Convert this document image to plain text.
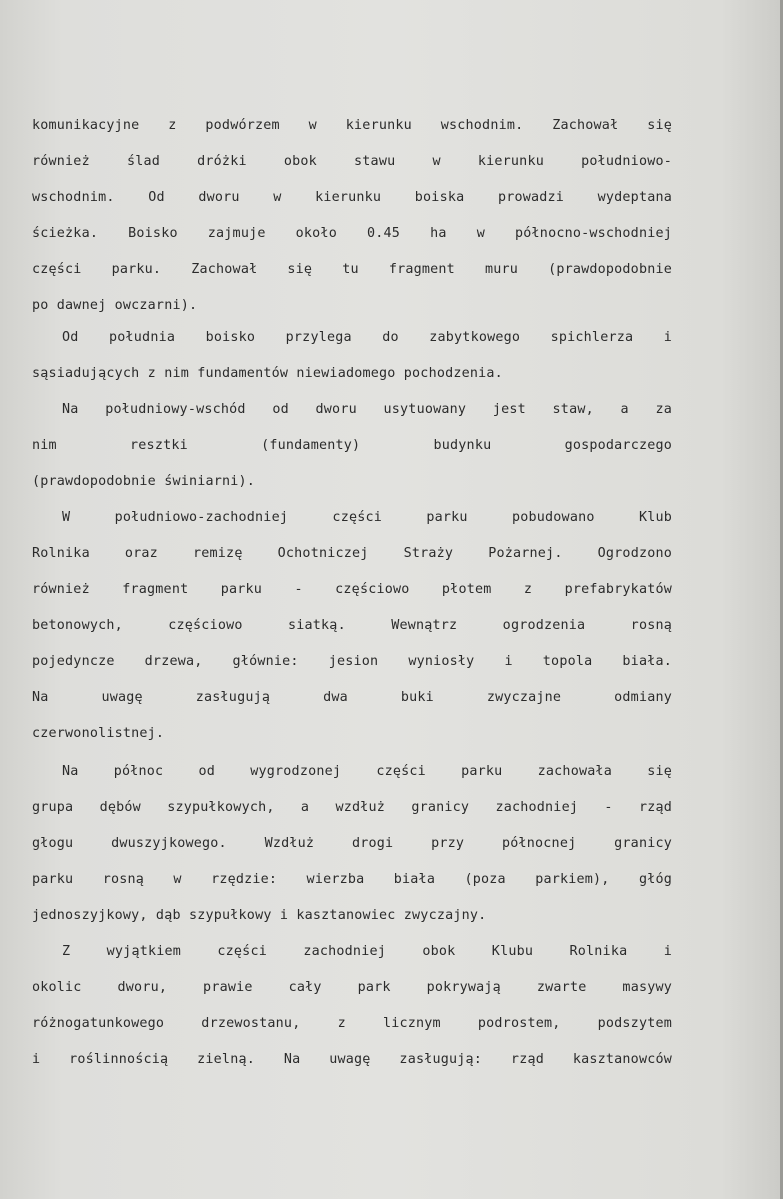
komunikacyjne z podwórzem w kierunku wschodnim. Zachował się
również ślad dróżki obok stawu w kierunku południowo-
wschodnim. Od dworu w kierunku boiska prowadzi wydeptana
ścieżka. Boisko zajmuje około 0.45 ha w północno-wschodniej
części parku. Zachował się tu fragment muru (prawdopodobnie
po dawnej owczarni).
Od południa boisko przylega do zabytkowego spichlerza i
sąsiadujących z nim fundamentów niewiadomego pochodzenia.
Na południowy-wschód od dworu usytuowany jest staw, a za
nim resztki (fundamenty) budynku gospodarczego
(prawdopodobnie świniarni).
W południowo-zachodniej części parku pobudowano Klub
Rolnika oraz remizę Ochotniczej Straży Pożarnej. Ogrodzono
również fragment parku - częściowo płotem z prefabrykatów
betonowych, częściowo siatką. Wewnątrz ogrodzenia rosną
pojedyncze drzewa, głównie: jesion wyniosły i topola biała.
Na uwagę zasługują dwa buki zwyczajne odmiany
czerwonolistnej.
Na północ od wygrodzonej części parku zachowała się
grupa dębów szypułkowych, a wzdłuż granicy zachodniej - rząd
głogu dwuszyjkowego. Wzdłuż drogi przy północnej granicy
parku rosną w rzędzie: wierzba biała (poza parkiem), głóg
jednoszyjkowy, dąb szypułkowy i kasztanowiec zwyczajny.
Z wyjątkiem części zachodniej obok Klubu Rolnika i
okolic dworu, prawie cały park pokrywają zwarte masywy
różnogatunkowego drzewostanu, z licznym podrostem, podszytem
i roślinnością zielną. Na uwagę zasługują: rząd kasztanowców
